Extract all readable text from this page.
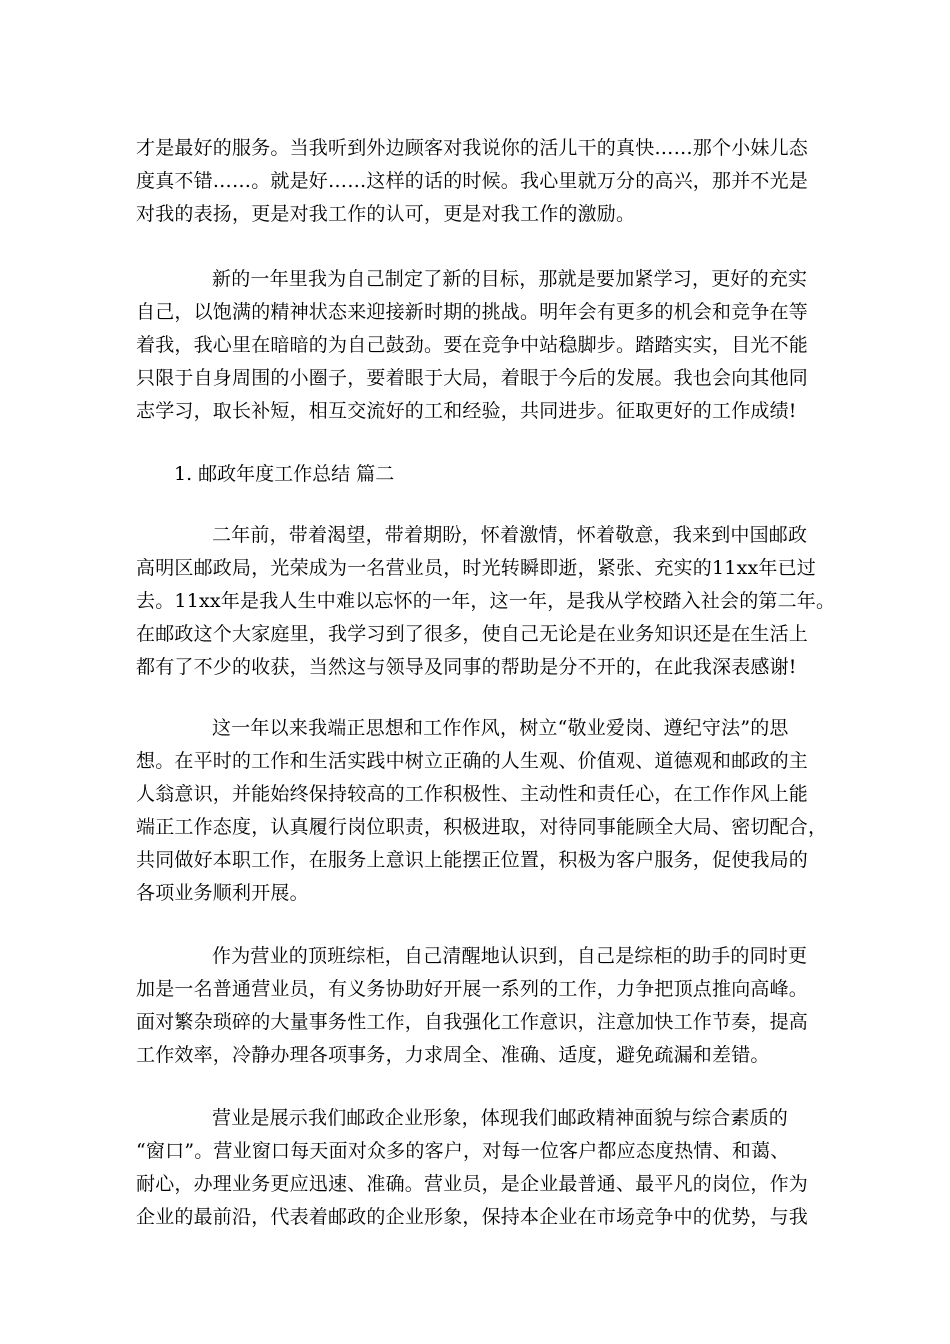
才是最好的服务。当我听到外边顾客对我说你的活儿干的真快……那个小妹儿态
度真不错……。就是好……这样的话的时候。我心里就万分的高兴，那并不光是
对我的表扬，更是对我工作的认可，更是对我工作的激励。

新的一年里我为自己制定了新的目标，那就是要加紧学习，更好的充实
自己，以饱满的精神状态来迎接新时期的挑战。明年会有更多的机会和竞争在等
着我，我心里在暗暗的为自己鼓劲。要在竞争中站稳脚步。踏踏实实，目光不能
只限于自身周围的小圈子，要着眼于大局，着眼于今后的发展。我也会向其他同
志学习，取长补短，相互交流好的工和经验，共同进步。征取更好的工作成绩!

1. 邮政年度工作总结 篇二

二年前，带着渴望，带着期盼，怀着激情，怀着敬意，我来到中国邮政
高明区邮政局，光荣成为一名营业员，时光转瞬即逝，紧张、充实的11xx年已过
去。11xx年是我人生中难以忘怀的一年，这一年，是我从学校踏入社会的第二年。
在邮政这个大家庭里，我学习到了很多，使自己无论是在业务知识还是在生活上
都有了不少的收获，当然这与领导及同事的帮助是分不开的，在此我深表感谢!

这一年以来我端正思想和工作作风，树立“敬业爱岗、遵纪守法”的思
想。在平时的工作和生活实践中树立正确的人生观、价值观、道德观和邮政的主
人翁意识，并能始终保持较高的工作积极性、主动性和责任心，在工作作风上能
端正工作态度，认真履行岗位职责，积极进取，对待同事能顾全大局、密切配合，
共同做好本职工作，在服务上意识上能摆正位置，积极为客户服务，促使我局的
各项业务顺利开展。

作为营业的顶班综柜，自己清醒地认识到，自己是综柜的助手的同时更
加是一名普通营业员，有义务协助好开展一系列的工作，力争把顶点推向高峰。
面对繁杂琐碎的大量事务性工作，自我强化工作意识，注意加快工作节奏，提高
工作效率，冷静办理各项事务，力求周全、准确、适度，避免疏漏和差错。

营业是展示我们邮政企业形象，体现我们邮政精神面貌与综合素质的
“窗口”。营业窗口每天面对众多的客户，对每一位客户都应态度热情、和蔼、
耐心，办理业务更应迅速、准确。营业员，是企业最普通、最平凡的岗位，作为
企业的最前沿，代表着邮政的企业形象，保持本企业在市场竞争中的优势，与我
